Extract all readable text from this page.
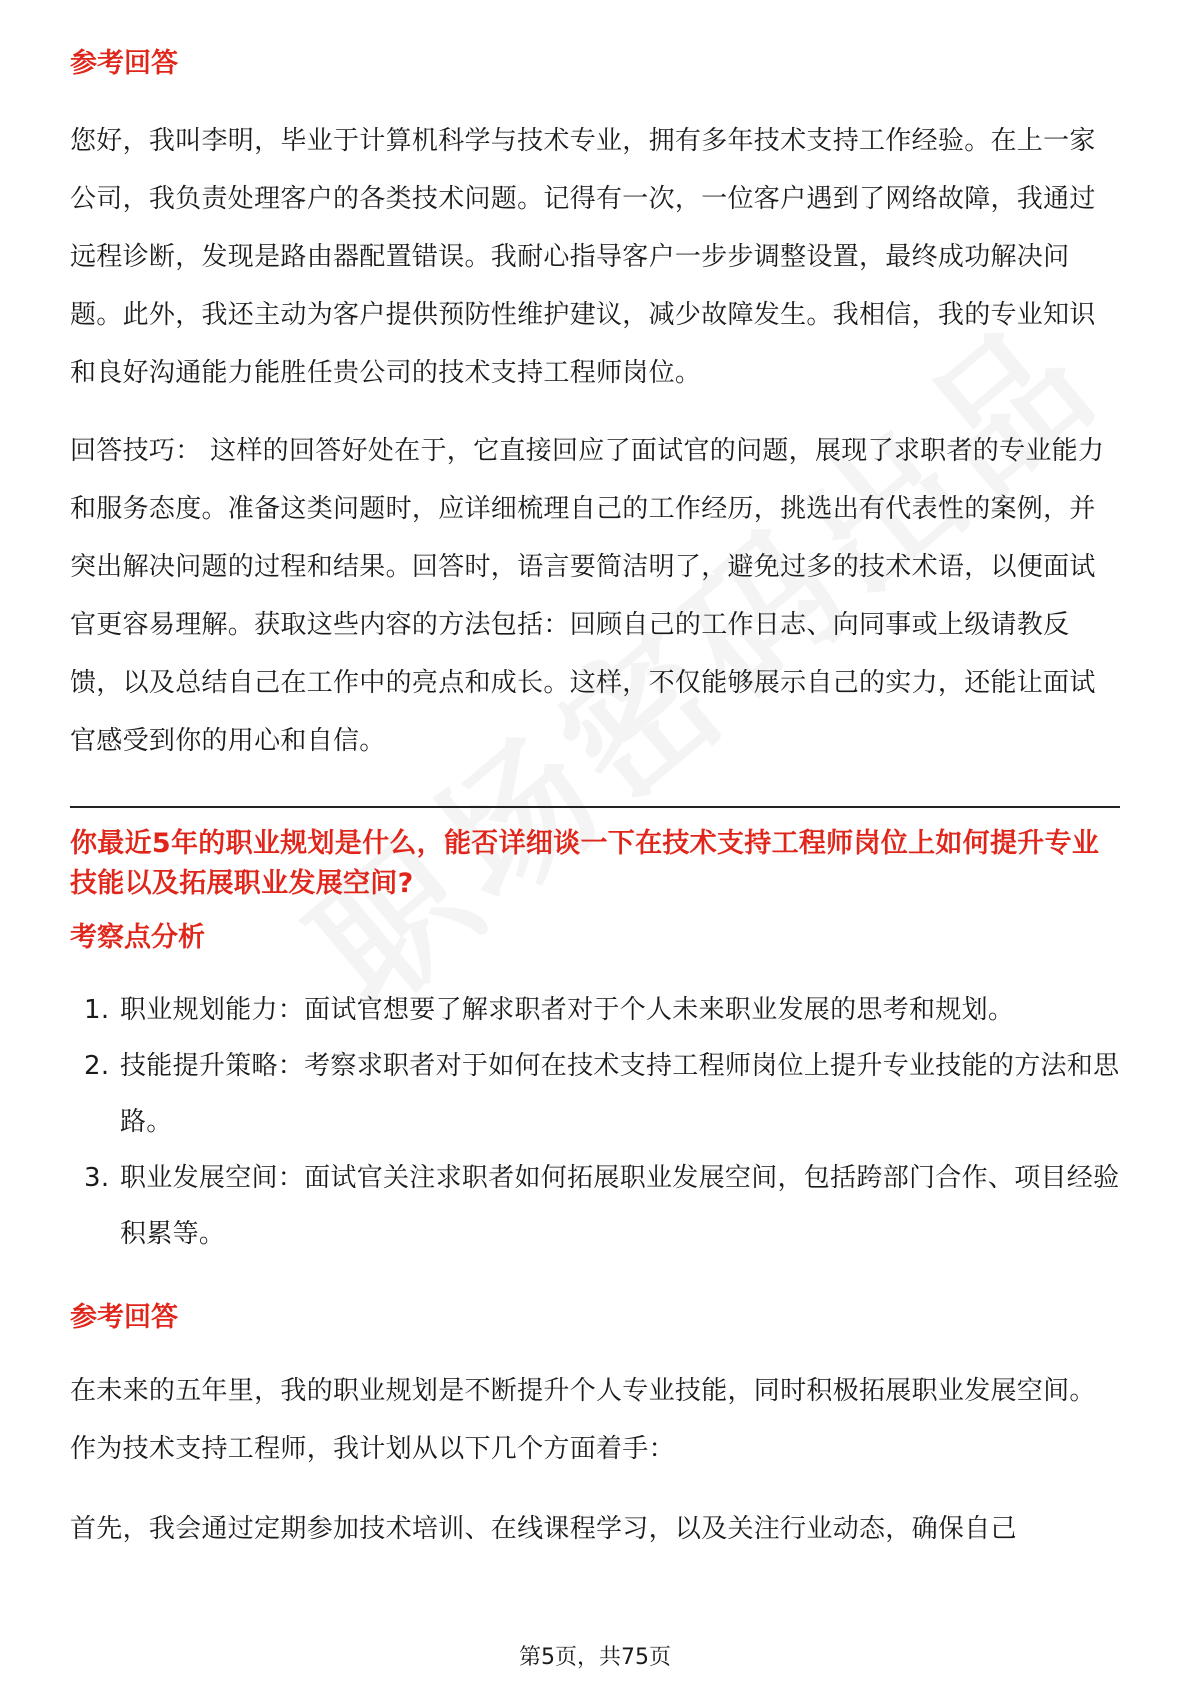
参考回答

您好，我叫李明，毕业于计算机科学与技术专业，拥有多年技术支持工作经验。在上一家公司，我负责处理客户的各类技术问题。记得有一次，一位客户遇到了网络故障，我通过远程诊断，发现是路由器配置错误。我耐心指导客户一步步调整设置，最终成功解决问题。此外，我还主动为客户提供预防性维护建议，减少故障发生。我相信，我的专业知识和良好沟通能力能胜任贵公司的技术支持工程师岗位。

回答技巧： 这样的回答好处在于，它直接回应了面试官的问题，展现了求职者的专业能力和服务态度。准备这类问题时，应详细梳理自己的工作经历，挑选出有代表性的案例，并突出解决问题的过程和结果。回答时，语言要简洁明了，避免过多的技术术语，以便面试官更容易理解。获取这些内容的方法包括：回顾自己的工作日志、向同事或上级请教反馈，以及总结自己在工作中的亮点和成长。这样，不仅能够展示自己的实力，还能让面试官感受到你的用心和自信。

你最近5年的职业规划是什么，能否详细谈一下在技术支持工程师岗位上如何提升专业技能以及拓展职业发展空间?
考察点分析
1. 职业规划能力：面试官想要了解求职者对于个人未来职业发展的思考和规划。
2. 技能提升策略：考察求职者对于如何在技术支持工程师岗位上提升专业技能的方法和思路。
3. 职业发展空间：面试官关注求职者如何拓展职业发展空间，包括跨部门合作、项目经验积累等。
参考回答

在未来的五年里，我的职业规划是不断提升个人专业技能，同时积极拓展职业发展空间。作为技术支持工程师，我计划从以下几个方面着手：

首先，我会通过定期参加技术培训、在线课程学习，以及关注行业动态，确保自己

第5页，共75页
